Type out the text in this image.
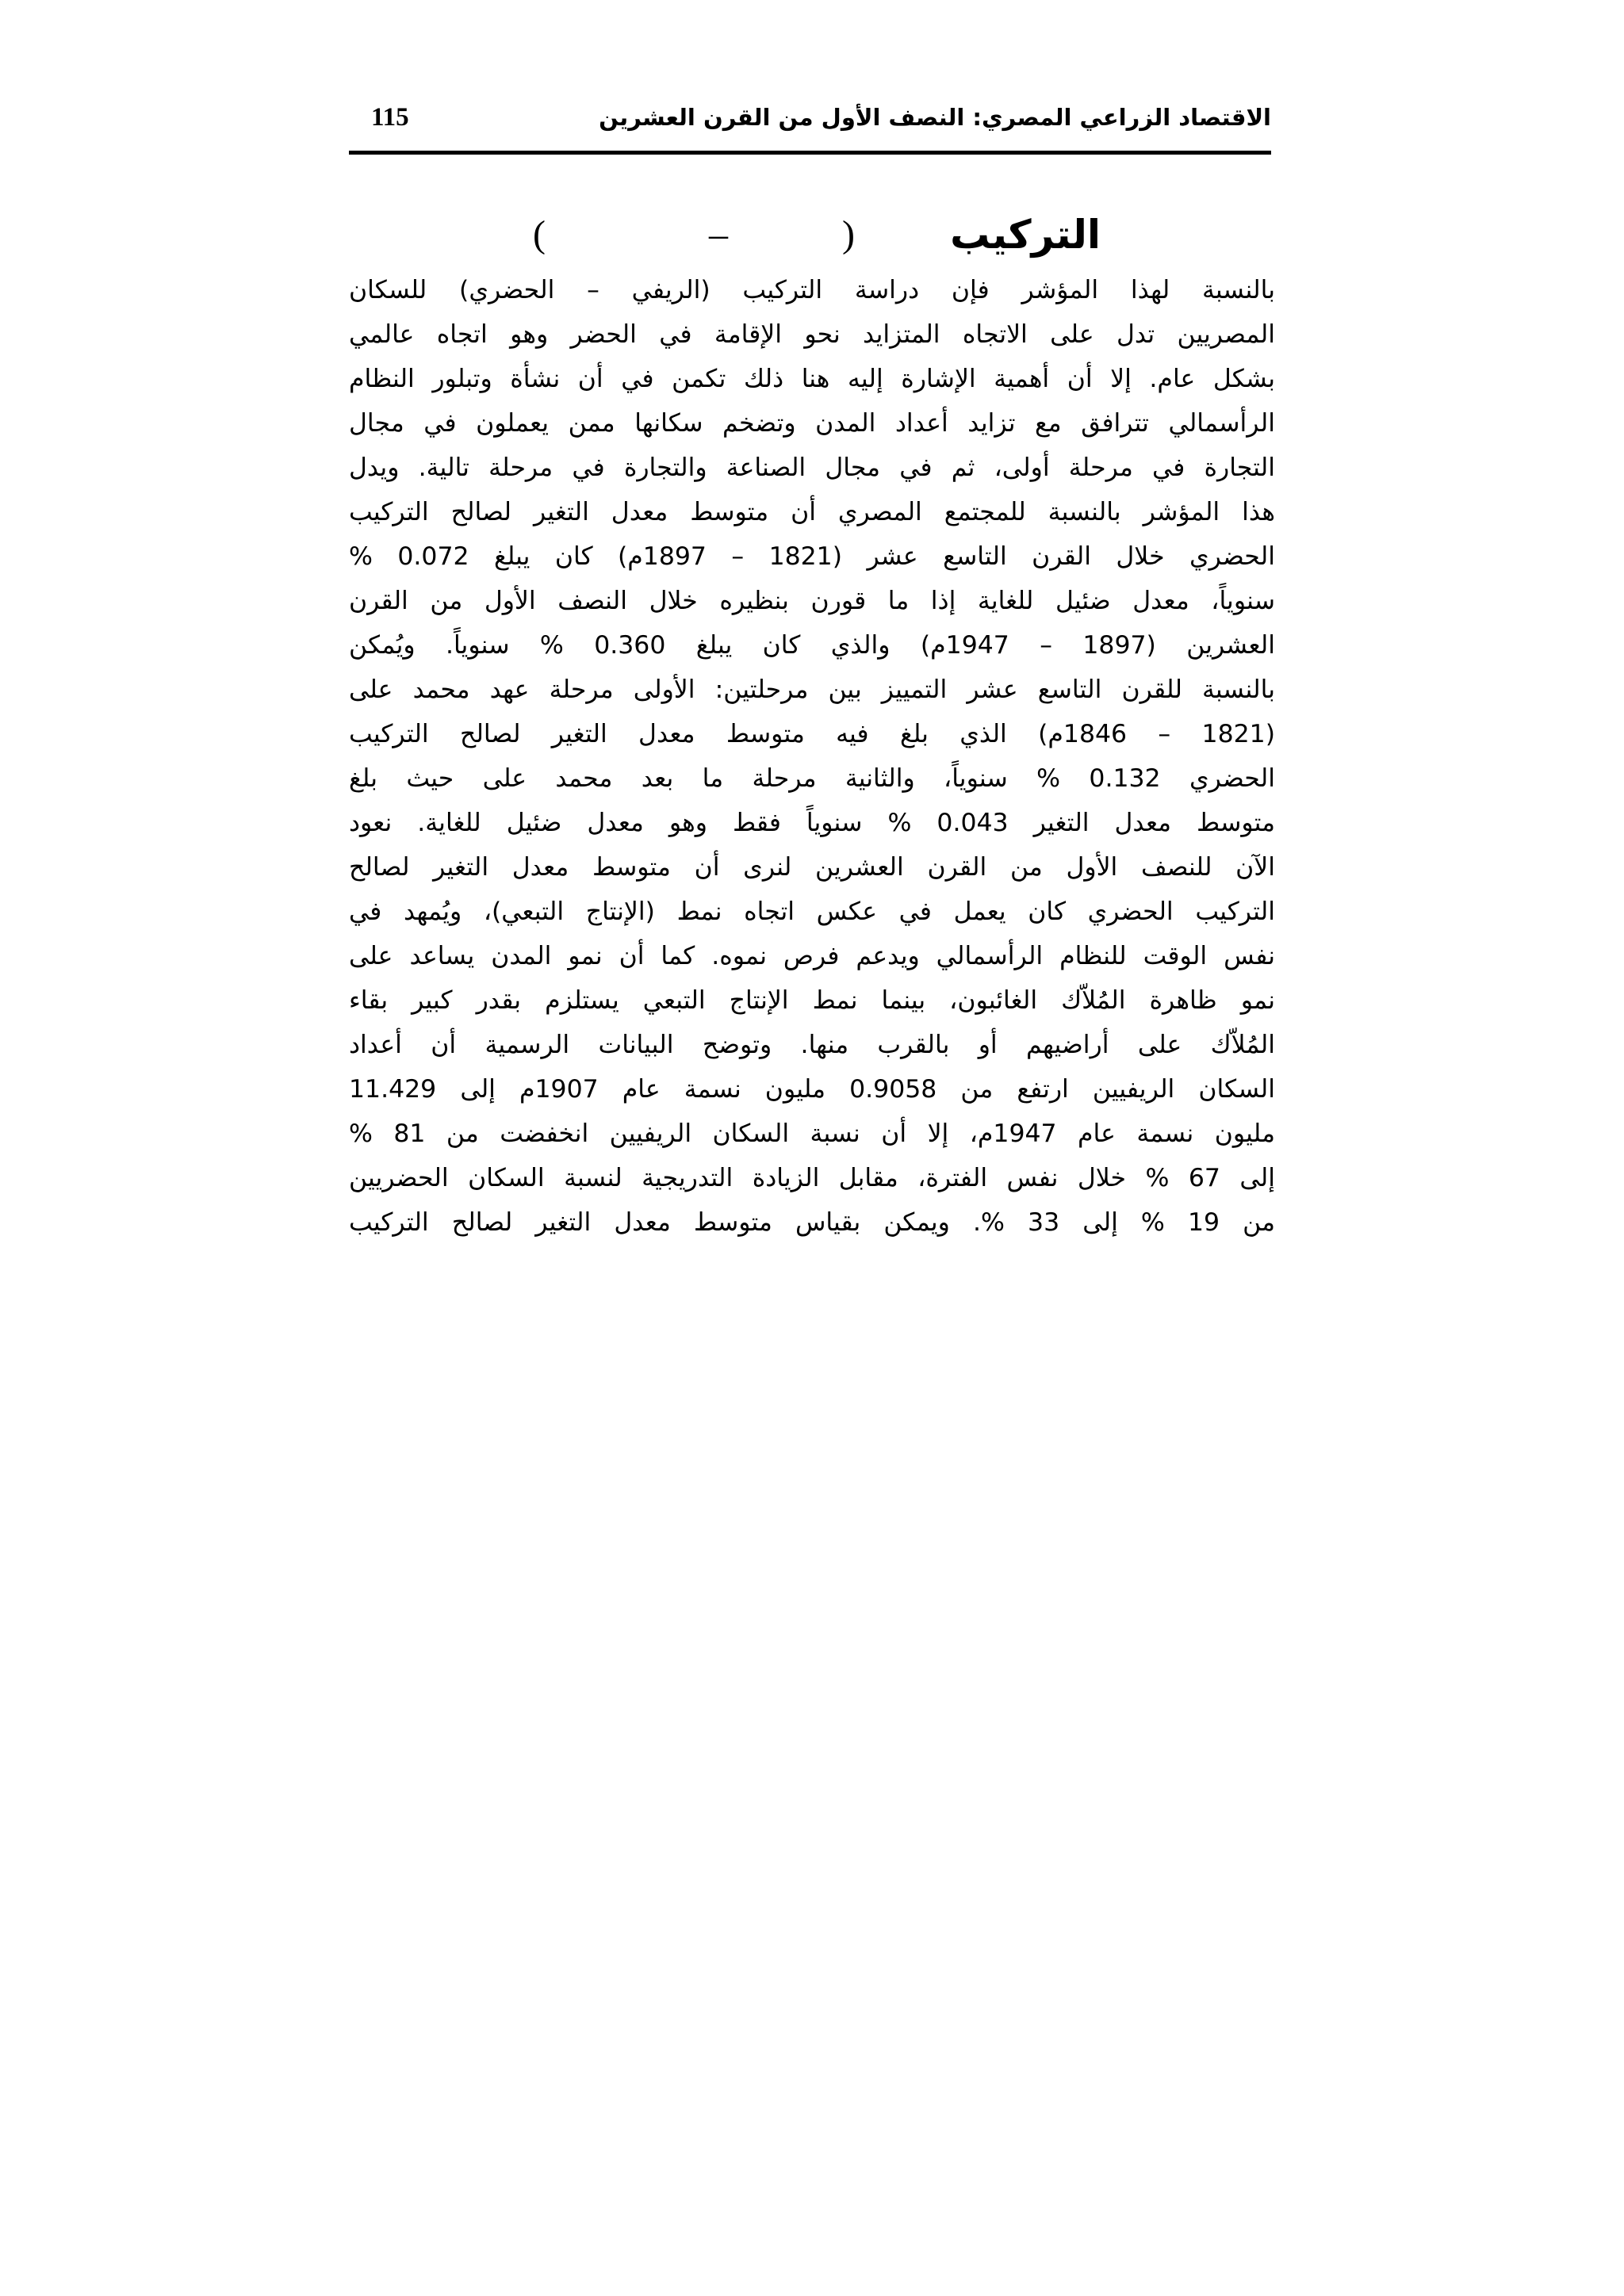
الاقتصاد الزراعي المصري: النصف الأول من القرن العشرين
115
التركيب
(
–
)
بالنسبة لهذا المؤشر فإن دراسة التركيب (الريفي – الحضري) للسكان
المصريين تدل على الاتجاه المتزايد نحو الإقامة في الحضر وهو اتجاه عالمي
بشكل عام. إلا أن أهمية الإشارة إليه هنا ذلك تكمن في أن نشأة وتبلور النظام
الرأسمالي تترافق مع تزايد أعداد المدن وتضخم سكانها ممن يعملون في مجال
التجارة في مرحلة أولى، ثم في مجال الصناعة والتجارة في مرحلة تالية. ويدل
هذا المؤشر بالنسبة للمجتمع المصري أن متوسط معدل التغير لصالح التركيب
الحضري خلال القرن التاسع عشر (1821 – 1897م) كان يبلغ 0.072 %
سنوياً، معدل ضئيل للغاية إذا ما قورن بنظيره خلال النصف الأول من القرن
العشرين (1897 – 1947م) والذي كان يبلغ 0.360 % سنوياً. ويُمكن
بالنسبة للقرن التاسع عشر التمييز بين مرحلتين: الأولى مرحلة عهد محمد على
(1821 – 1846م) الذي بلغ فيه متوسط معدل التغير لصالح التركيب
الحضري 0.132 % سنوياً، والثانية مرحلة ما بعد محمد على حيث بلغ
متوسط معدل التغير 0.043 % سنوياً فقط وهو معدل ضئيل للغاية. نعود
الآن للنصف الأول من القرن العشرين لنرى أن متوسط معدل التغير لصالح
التركيب الحضري كان يعمل في عكس اتجاه نمط (الإنتاج التبعي)، ويُمهد في
نفس الوقت للنظام الرأسمالي ويدعم فرص نموه. كما أن نمو المدن يساعد على
نمو ظاهرة المُلاّك الغائبون، بينما نمط الإنتاج التبعي يستلزم بقدر كبير بقاء
المُلاّك على أراضيهم أو بالقرب منها. وتوضح البيانات الرسمية أن أعداد
السكان الريفيين ارتفع من 0.9058 مليون نسمة عام 1907م إلى 11.429
مليون نسمة عام 1947م، إلا أن نسبة السكان الريفيين انخفضت من 81 %
إلى 67 % خلال نفس الفترة، مقابل الزيادة التدريجية لنسبة السكان الحضريين
من 19 % إلى 33 %. ويمكن بقياس متوسط معدل التغير لصالح التركيب
